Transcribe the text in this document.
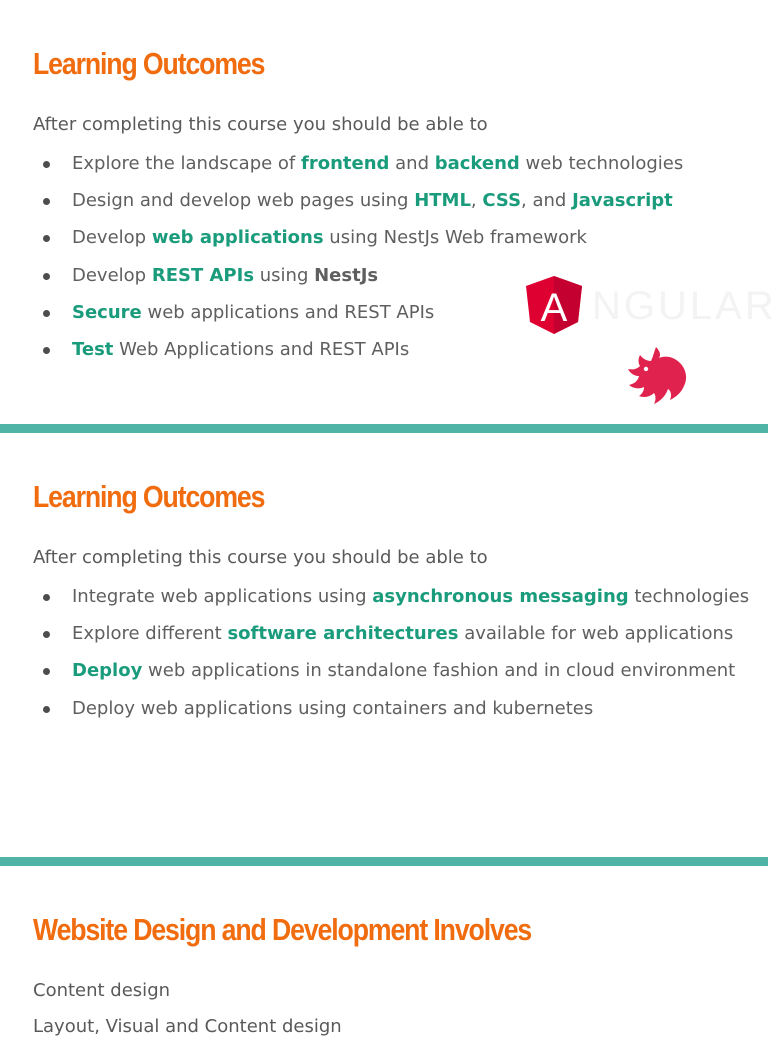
Learning Outcomes
After completing this course you should be able to
Explore the landscape of frontend and backend web technologies
Design and develop web pages using HTML, CSS, and Javascript
Develop web applications using NestJs Web framework
Develop REST APIs using NestJs
Secure web applications and REST APIs
Test Web Applications and REST APIs
A NGULAR
Learning Outcomes
After completing this course you should be able to
Integrate web applications using asynchronous messaging technologies
Explore different software architectures available for web applications
Deploy web applications in standalone fashion and in cloud environment
Deploy web applications using containers and kubernetes
Website Design and Development Involves
Content design
Layout, Visual and Content design
